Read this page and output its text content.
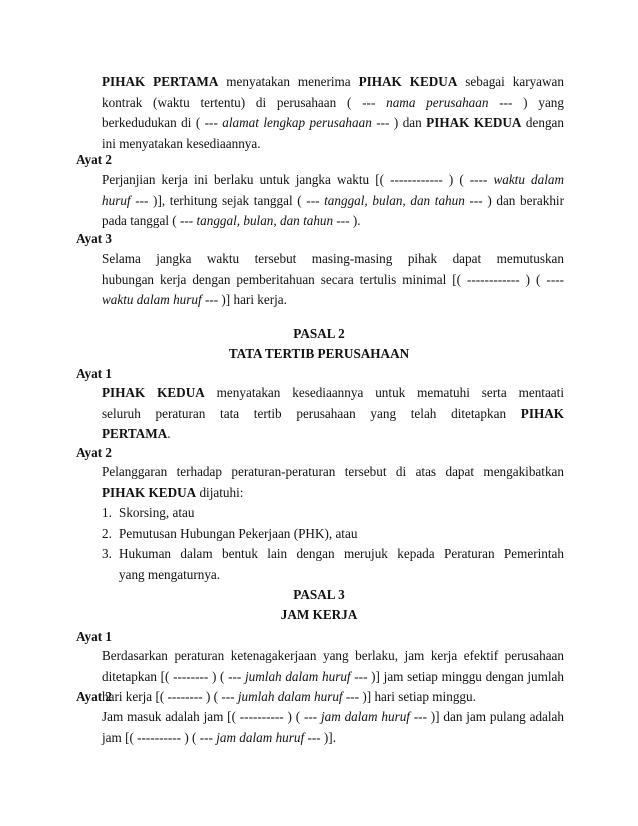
PIHAK PERTAMA menyatakan menerima PIHAK KEDUA sebagai karyawan
kontrak (waktu tertentu) di perusahaan ( --- nama perusahaan --- ) yang
berkedudukan di ( --- alamat lengkap perusahaan --- ) dan PIHAK KEDUA dengan
ini menyatakan kesediaannya.
Ayat 2
Perjanjian kerja ini berlaku untuk jangka waktu [( ------------ ) ( ---- waktu dalam
huruf --- )], terhitung sejak tanggal ( --- tanggal, bulan, dan tahun --- ) dan berakhir
pada tanggal ( --- tanggal, bulan, dan tahun --- ).
Ayat 3
Selama jangka waktu tersebut masing-masing pihak dapat memutuskan
hubungan kerja dengan pemberitahuan secara tertulis minimal [( ------------ ) ( ----
waktu dalam huruf --- )] hari kerja.
PASAL 2
TATA TERTIB PERUSAHAAN
Ayat 1
PIHAK KEDUA menyatakan kesediaannya untuk mematuhi serta mentaati
seluruh peraturan tata tertib perusahaan yang telah ditetapkan PIHAK
PERTAMA.
Ayat 2
Pelanggaran terhadap peraturan-peraturan tersebut di atas dapat mengakibatkan
PIHAK KEDUA dijatuhi:
1. Skorsing, atau
2. Pemutusan Hubungan Pekerjaan (PHK), atau
3. Hukuman dalam bentuk lain dengan merujuk kepada Peraturan Pemerintah
yang mengaturnya.
PASAL 3
JAM KERJA
Ayat 1
Berdasarkan peraturan ketenagakerjaan yang berlaku, jam kerja efektif perusahaan
ditetapkan [( -------- ) ( --- jumlah dalam huruf --- )] jam setiap minggu dengan jumlah
hari kerja [( -------- ) ( --- jumlah dalam huruf --- )] hari setiap minggu.
Ayat 2
Jam masuk adalah jam [( ---------- ) ( --- jam dalam huruf --- )] dan jam pulang adalah
jam [( ---------- ) ( --- jam dalam huruf --- )].
